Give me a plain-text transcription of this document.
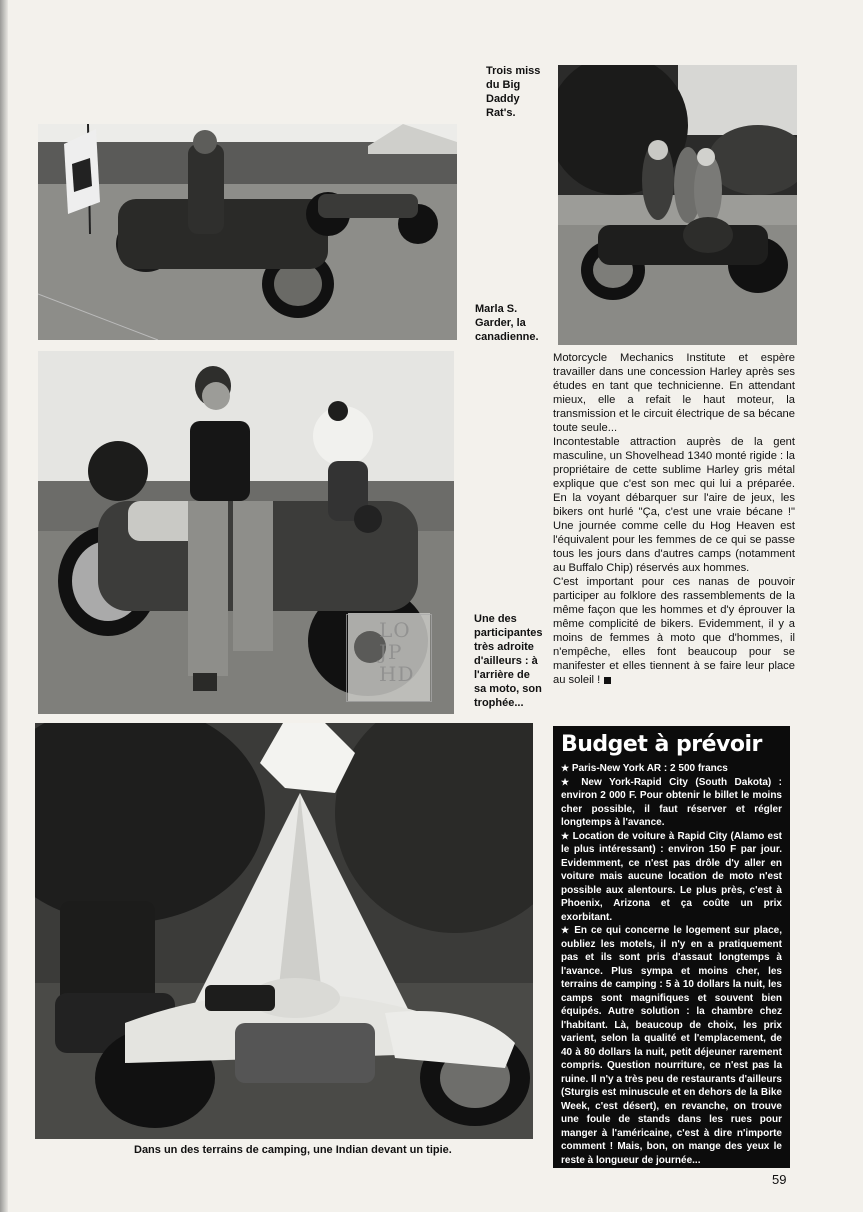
LO JP HD
Trois miss du Big Daddy Rat's.
Marla S. Garder, la canadienne.
Une des participantes très adroite d'ailleurs : à l'arrière de sa moto, son trophée...
Dans un des terrains de camping, une Indian devant un tipie.

Motorcycle Mechanics Institute et espère travailler dans une concession Harley après ses études en tant que technicienne. En attendant mieux, elle a refait le haut moteur, la transmission et le circuit électrique de sa bécane toute seule...

Incontestable attraction auprès de la gent masculine, un Shovelhead 1340 monté rigide : la propriétaire de cette sublime Harley gris métal explique que c'est son mec qui lui a préparée. En la voyant débarquer sur l'aire de jeux, les bikers ont hurlé "Ça, c'est une vraie bécane !" Une journée comme celle du Hog Heaven est l'équivalent pour les femmes de ce qui se passe tous les jours dans d'autres camps (notamment au Buffalo Chip) réservés aux hommes.

C'est important pour ces nanas de pouvoir participer au folklore des rassemblements de la même façon que les hommes et d'y éprouver la même complicité de bikers. Evidemment, il y a moins de femmes à moto que d'hommes, il n'empêche, elles font beaucoup pour se manifester et elles tiennent à se faire leur place au soleil !

Budget à prévoir

★ Paris-New York AR : 2 500 francs

★ New York-Rapid City (South Dakota) : environ 2 000 F. Pour obtenir le billet le moins cher possible, il faut réserver et régler longtemps à l'avance.

★ Location de voiture à Rapid City (Alamo est le plus intéressant) : environ 150 F par jour. Evidemment, ce n'est pas drôle d'y aller en voiture mais aucune location de moto n'est possible aux alentours. Le plus près, c'est à Phoenix, Arizona et ça coûte un prix exorbitant.

★ En ce qui concerne le logement sur place, oubliez les motels, il n'y en a pratiquement pas et ils sont pris d'assaut longtemps à l'avance. Plus sympa et moins cher, les terrains de camping : 5 à 10 dollars la nuit, les camps sont magnifiques et souvent bien équipés. Autre solution : la chambre chez l'habitant. Là, beaucoup de choix, les prix varient, selon la qualité et l'emplacement, de 40 à 80 dollars la nuit, petit déjeuner rarement compris. Question nourriture, ce n'est pas la ruine. Il n'y a très peu de restaurants d'ailleurs (Sturgis est minuscule et en dehors de la Bike Week, c'est désert), en revanche, on trouve une foule de stands dans les rues pour manger à l'américaine, c'est à dire n'importe comment ! Mais, bon, on mange des yeux le reste à longueur de journée...

59
